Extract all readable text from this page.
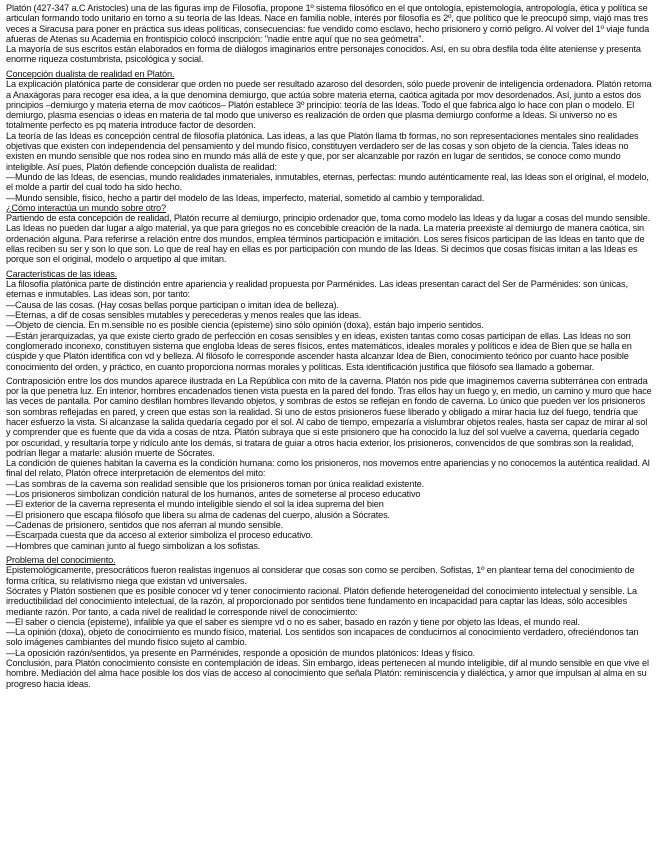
Platón (427-347 a.C Aristocles) una de las figuras imp de Filosofía, propone 1º sistema filosófico en el que ontología, epistemología, antropología, ética y política se articulan formando todo unitario en torno a su teoría de las Ideas. Nace en familia noble, interés por filosofía es 2º, que político que le preocupó simp, viajó mas tres veces a Siracusa para poner en práctica sus ideas políticas, consecuencias: fue vendido como esclavo, hecho prisionero y corrió peligro. Al volver del 1º viaje funda afueras de Atenas su Academia en frontispicio colocó inscripción: "nadie entre aquí que no sea geómetra".

La mayoría de sus escritos están elaborados en forma de diálogos imaginarios entre personajes conocidos. Así, en su obra desfila toda élite ateniense y presenta enorme riqueza costumbrista, psicológica y social.

Concepción dualista de realidad en Platón.

La explicación platónica parte de considerar que orden no puede ser resultado azaroso del desorden, sólo puede provenir de inteligencia ordenadora. Platón retoma a Anaxágoras para recoger esa idea, a la que denomina demiurgo, que actúa sobre materia eterna, caótica agitada por mov desordenados. Así, junto a estos dos principios –demiurgo y materia eterna de mov caóticos– Platón establece 3º principio: teoría de las Ideas. Todo el que fabrica algo lo hace con plan o modelo. El demiurgo, plasma esencias o ideas en materia de tal modo que universo es realización de orden que plasma demiurgo conforme a Ideas. Si universo no es totalmente perfecto es pq materia introduce factor de desorden.

La teoría de las Ideas es concepción central de filosofía platónica. Las ideas, a las que Platón llama tb formas, no son representaciones mentales sino realidades objetivas que existen con independencia del pensamiento y del mundo físico, constituyen verdadero ser de las cosas y son objeto de la ciencia. Tales ideas no existen en mundo sensible que nos rodea sino en mundo más allá de este y que, por ser alcanzable por razón en lugar de sentidos, se conoce como mundo inteligible. Así pues, Platón defiende concepción dualista de realidad:

—Mundo de las Ideas, de esencias, mundo realidades inmateriales, inmutables, eternas, perfectas: mundo auténticamente real, las Ideas son el original, el modelo, el molde a partir del cual todo ha sido hecho.

—Mundo sensible, físico, hecho a partir del modelo de las Ideas, imperfecto, material, sometido al cambio y temporalidad.

¿Cómo interactúa un mundo sobre otro?

Partiendo de esta concepción de realidad, Platón recurre al demiurgo, principio ordenador que, toma como modelo las Ideas y da lugar a cosas del mundo sensible. Las Ideas no pueden dar lugar a algo material, ya que para griegos no es concebible creación de la nada. La materia preexiste al demiurgo de manera caótica, sin ordenación alguna. Para referirse a relación entre dos mundos, emplea términos participación e imitación. Los seres físicos participan de las Ideas en tanto que de ellas reciben su ser y son lo que son. Lo que de real hay en ellas es por participación con mundo de las Ideas. Si decimos que cosas físicas imitan a las Ideas es porque son el original, modelo o arquetipo al que imitan.

Características de las ideas.

La filosofía platónica parte de distinción entre apariencia y realidad propuesta por Parménides. Las ideas presentan caract del Ser de Parménides: son únicas, eternas e inmutables. Las ideas son, por tanto:

—Causa de las cosas. (Hay cosas bellas porque participan o imitan idea de belleza).

—Eternas, a dif de cosas sensibles mutables y perecederas y menos reales que las ideas.

—Objeto de ciencia. En m.sensible no es posible ciencia (episteme) sino sólo opinión (doxa), están bajo imperio sentidos.

—Están jerarquizadas, ya que existe cierto grado de perfección en cosas sensibles y en ideas, existen tantas como cosas participan de ellas. Las Ideas no son conglomerado inconexo, constituyen sistema que engloba Ideas de seres físicos, entes matemáticos, ideales morales y políticos e idea de Bien que se halla en cúspide y que Platón identifica con vd y belleza. Al filósofo le corresponde ascender hasta alcanzar Idea de Bien, conocimiento teórico por cuanto hace posible conocimiento del orden, y práctico, en cuanto proporciona normas morales y políticas. Esta identificación justifica que filósofo sea llamado a gobernar.

Contraposición entre los dos mundos aparece ilustrada en La República con mito de la caverna. Platón nos pide que imaginemos caverna subterránea con entrada por la que penetra luz. En interior, hombres encadenados tienen vista puesta en la pared del fondo. Tras ellos hay un fuego y, en medio, un camino y muro que hace las veces de pantalla. Por camino desfilan hombres llevando objetos, y sombras de estos se reflejan en fondo de caverna. Lo único que pueden ver los prisioneros son sombras reflejadas en pared, y creen que estas son la realidad. Si uno de estos prisioneros fuese liberado y obligado a mirar hacia luz del fuego, tendría que hacer esfuerzo la vista. Si alcanzase la salida quedaría cegado por el sol. Al cabo de tiempo, empezaría a vislumbrar objetos reales, hasta ser capaz de mirar al sol y comprender que es fuente que da vida a cosas de ntza. Platón subraya que si este prisionero que ha conocido la luz del sol vuelve a caverna, quedaría cegado por oscuridad, y resultaría torpe y ridículo ante los demás, si tratara de guiar a otros hacia exterior, los prisioneros, convencidos de que sombras son la realidad, podrían llegar a matarle: alusión muerte de Sócrates.

La condición de quienes habitan la caverna es la condición humana: como los prisioneros, nos movemos entre apariencias y no conocemos la auténtica realidad. Al final del relato, Platón ofrece interpretación de elementos del mito:

—Las sombras de la caverna son realidad sensible que los prisioneros toman por única realidad existente.

—Los prisioneros simbolizan condición natural de los humanos, antes de someterse al proceso educativo

—El exterior de la caverna representa el mundo inteligible siendo el sol la idea suprema del bien

—El prisionero que escapa filósofo que libera su alma de cadenas del cuerpo, alusión a Sócrates.

—Cadenas de prisionero, sentidos que nos aferran al mundo sensible.

—Escarpada cuesta que da acceso al exterior simboliza el proceso educativo.

—Hombres que caminan junto al fuego simbolizan a los sofistas.

Problema del conocimiento.

Epistemológicamente, presocráticos fueron realistas ingenuos al considerar que cosas son como se perciben. Sofistas, 1º en plantear tema del conocimiento de forma crítica, su relativismo niega que existan vd universales.

Sócrates y Platón sostienen que es posible conocer vd y tener conocimiento racional. Platón defiende heterogeneidad del conocimiento intelectual y sensible. La irreductibilidad del conocimiento intelectual, de la razón, al proporcionado por sentidos tiene fundamento en incapacidad para captar las Ideas, sólo accesibles mediante razón. Por tanto, a cada nivel de realidad le corresponde nivel de conocimiento:

—El saber o ciencia (episteme), infalible ya que el saber es siempre vd o no es saber, basado en razón y tiene por objeto las Ideas, el mundo real.

—La opinión (doxa), objeto de conocimiento es mundo físico, material. Los sentidos son incapaces de conducirnos al conocimiento verdadero, ofreciéndonos tan solo imágenes cambiantes del mundo físico sujeto al cambio.

—La oposición razón/sentidos, ya presente en Parménides, responde a oposición de mundos platónicos: Ideas y físico.

Conclusión, para Platón conocimiento consiste en contemplación de ideas. Sin embargo, ideas pertenecen al mundo inteligible, dif al mundo sensible en que vive el hombre. Mediación del alma hace posible los dos vías de acceso al conocimiento que señala Platón: reminiscencia y dialéctica, y amor que impulsan al alma en su progreso hacia ideas.
